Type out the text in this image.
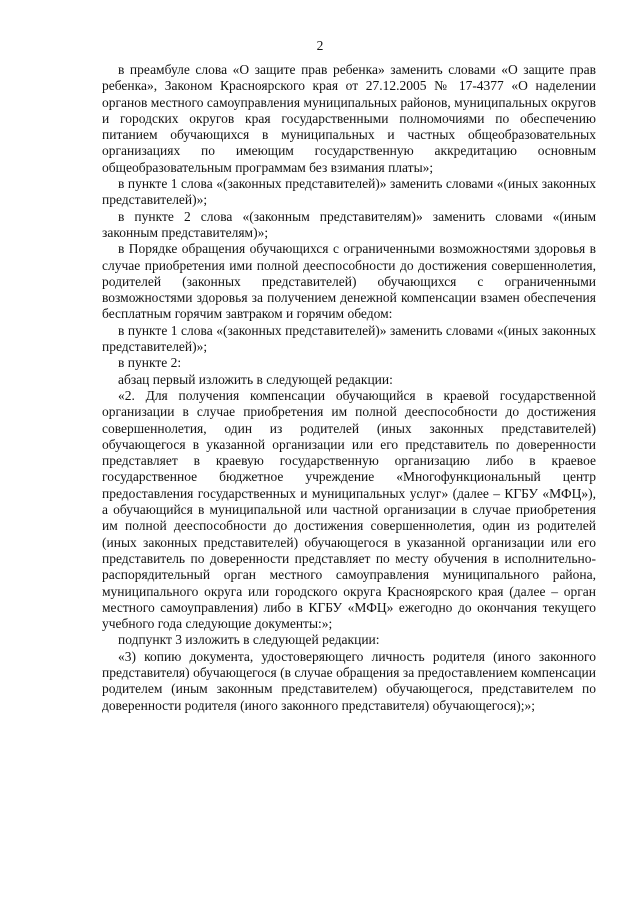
2

в преамбуле слова «О защите прав ребенка» заменить словами «О защите прав ребенка», Законом Красноярского края от 27.12.2005 № 17-4377 «О наделении органов местного самоуправления муниципальных районов, муниципальных округов и городских округов края государственными полномочиями по обеспечению питанием обучающихся в муниципальных и частных общеобразовательных организациях по имеющим государственную аккредитацию основным общеобразовательным программам без взимания платы»;

в пункте 1 слова «(законных представителей)» заменить словами «(иных законных представителей)»;

в пункте 2 слова «(законным представителям)» заменить словами «(иным законным представителям)»;

в Порядке обращения обучающихся с ограниченными возможностями здоровья в случае приобретения ими полной дееспособности до достижения совершеннолетия, родителей (законных представителей) обучающихся с ограниченными возможностями здоровья за получением денежной компенсации взамен обеспечения бесплатным горячим завтраком и горячим обедом:

в пункте 1 слова «(законных представителей)» заменить словами «(иных законных представителей)»;

в пункте 2:

абзац первый изложить в следующей редакции:

«2. Для получения компенсации обучающийся в краевой государственной организации в случае приобретения им полной дееспособности до достижения совершеннолетия, один из родителей (иных законных представителей) обучающегося в указанной организации или его представитель по доверенности представляет в краевую государственную организацию либо в краевое государственное бюджетное учреждение «Многофункциональный центр предоставления государственных и муниципальных услуг» (далее – КГБУ «МФЦ»), а обучающийся в муниципальной или частной организации в случае приобретения им полной дееспособности до достижения совершеннолетия, один из родителей (иных законных представителей) обучающегося в указанной организации или его представитель по доверенности представляет по месту обучения в исполнительно-распорядительный орган местного самоуправления муниципального района, муниципального округа или городского округа Красноярского края (далее – орган местного самоуправления) либо в КГБУ «МФЦ» ежегодно до окончания текущего учебного года следующие документы:»;

подпункт 3 изложить в следующей редакции:

«3) копию документа, удостоверяющего личность родителя (иного законного представителя) обучающегося (в случае обращения за предоставлением компенсации родителем (иным законным представителем) обучающегося, представителем по доверенности родителя (иного законного представителя) обучающегося);»;
